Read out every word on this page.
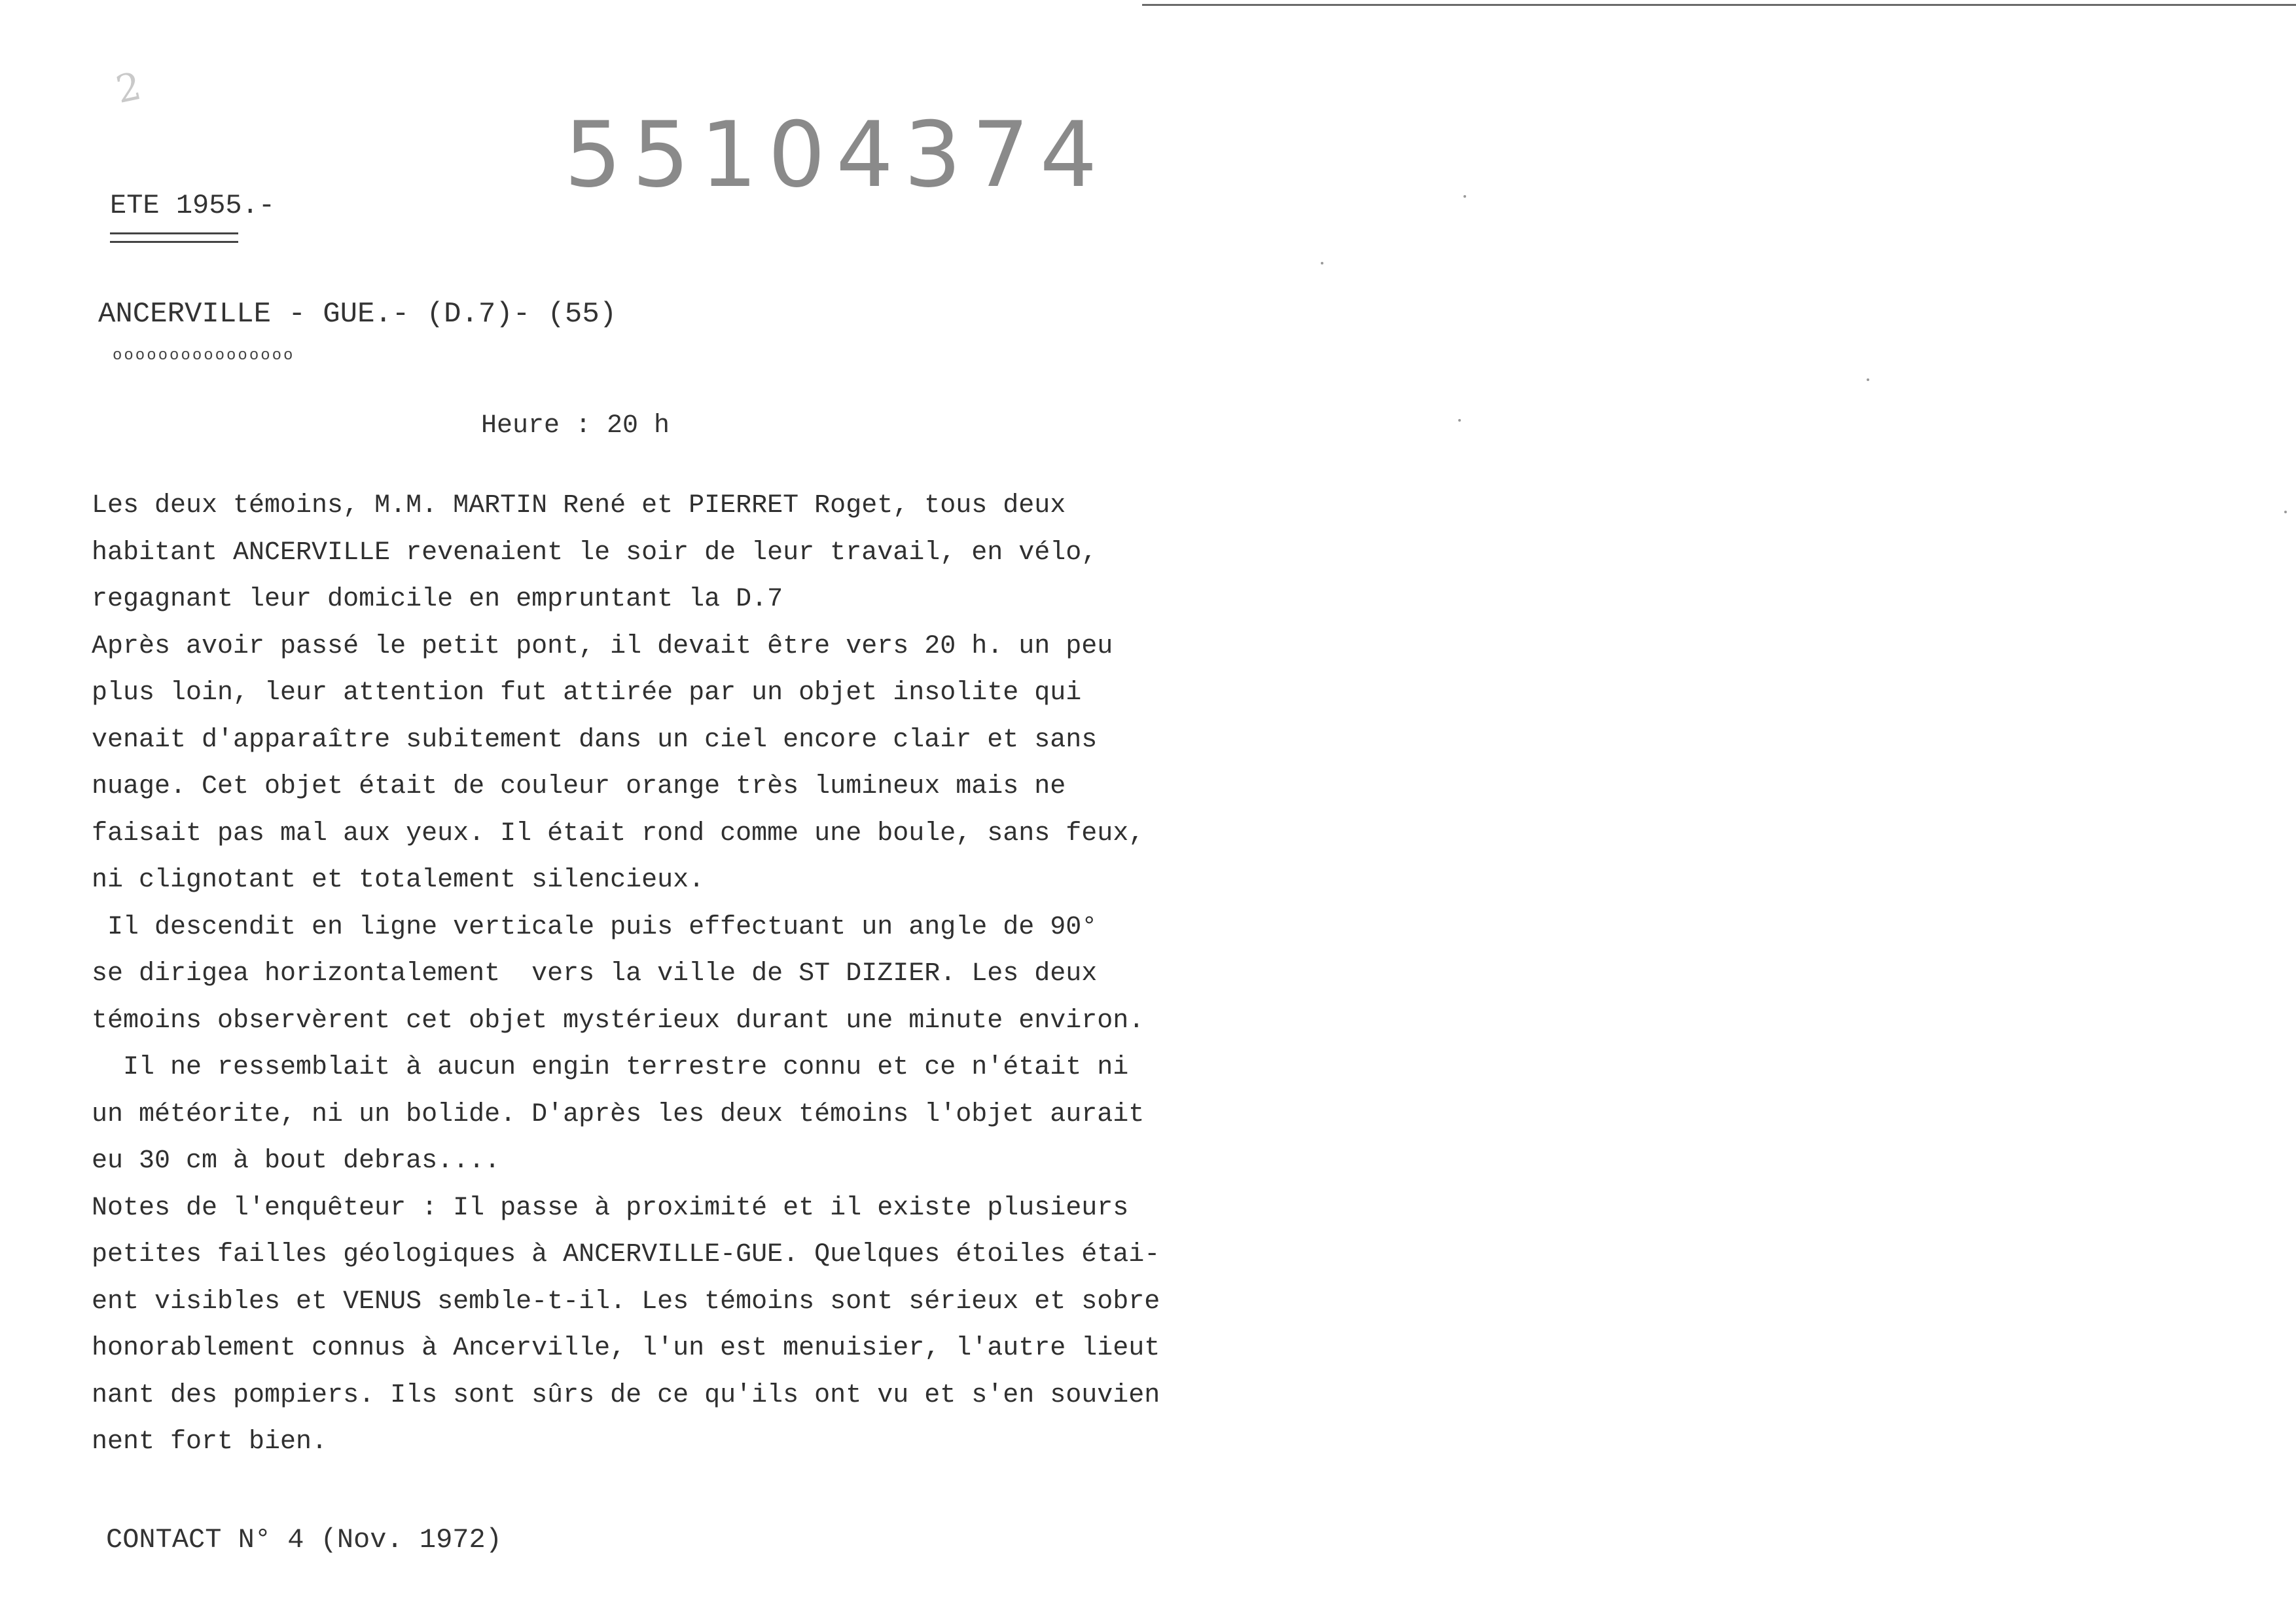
2
55104374
ETE 1955.-
ANCERVILLE - GUE.- (D.7)- (55)
oooooooooooooooo
Heure : 20 h
Les deux témoins, M.M. MARTIN René et PIERRET Roget, tous deux
habitant ANCERVILLE revenaient le soir de leur travail, en vélo,
regagnant leur domicile en empruntant la D.7
Après avoir passé le petit pont, il devait être vers 20 h. un peu
plus loin, leur attention fut attirée par un objet insolite qui
venait d'apparaître subitement dans un ciel encore clair et sans
nuage. Cet objet était de couleur orange très lumineux mais ne
faisait pas mal aux yeux. Il était rond comme une boule, sans feux,
ni clignotant et totalement silencieux.
Il descendit en ligne verticale puis effectuant un angle de 90°
se dirigea horizontalement  vers la ville de ST DIZIER. Les deux
témoins observèrent cet objet mystérieux durant une minute environ.
Il ne ressemblait à aucun engin terrestre connu et ce n'était ni
un météorite, ni un bolide. D'après les deux témoins l'objet aurait
eu 30 cm à bout debras....
Notes de l'enquêteur : Il passe à proximité et il existe plusieurs
petites failles géologiques à ANCERVILLE-GUE. Quelques étoiles étai-
ent visibles et VENUS semble-t-il. Les témoins sont sérieux et sobre
honorablement connus à Ancerville, l'un est menuisier, l'autre lieut
nant des pompiers. Ils sont sûrs de ce qu'ils ont vu et s'en souvien
nent fort bien.
CONTACT N° 4 (Nov. 1972)
